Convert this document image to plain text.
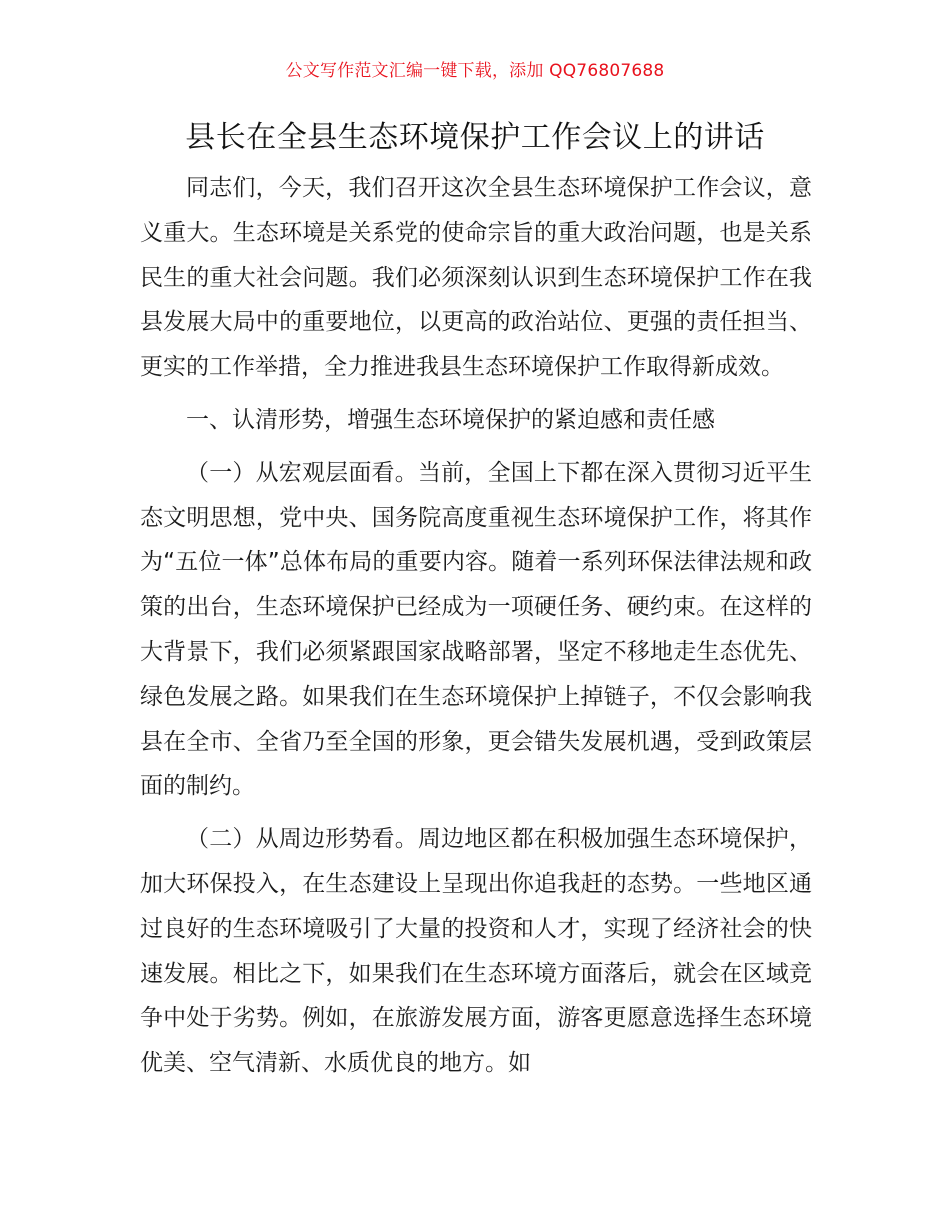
公文写作范文汇编一键下载，添加 QQ76807688
县长在全县生态环境保护工作会议上的讲话

同志们，今天，我们召开这次全县生态环境保护工作会议，意义重大。生态环境是关系党的使命宗旨的重大政治问题，也是关系民生的重大社会问题。我们必须深刻认识到生态环境保护工作在我县发展大局中的重要地位，以更高的政治站位、更强的责任担当、更实的工作举措，全力推进我县生态环境保护工作取得新成效。

一、认清形势，增强生态环境保护的紧迫感和责任感

（一）从宏观层面看。当前，全国上下都在深入贯彻习近平生态文明思想，党中央、国务院高度重视生态环境保护工作，将其作为“五位一体”总体布局的重要内容。随着一系列环保法律法规和政策的出台，生态环境保护已经成为一项硬任务、硬约束。在这样的大背景下，我们必须紧跟国家战略部署，坚定不移地走生态优先、绿色发展之路。如果我们在生态环境保护上掉链子，不仅会影响我县在全市、全省乃至全国的形象，更会错失发展机遇，受到政策层面的制约。

（二）从周边形势看。周边地区都在积极加强生态环境保护，加大环保投入，在生态建设上呈现出你追我赶的态势。一些地区通过良好的生态环境吸引了大量的投资和人才，实现了经济社会的快速发展。相比之下，如果我们在生态环境方面落后，就会在区域竞争中处于劣势。例如，在旅游发展方面，游客更愿意选择生态环境优美、空气清新、水质优良的地方。如
